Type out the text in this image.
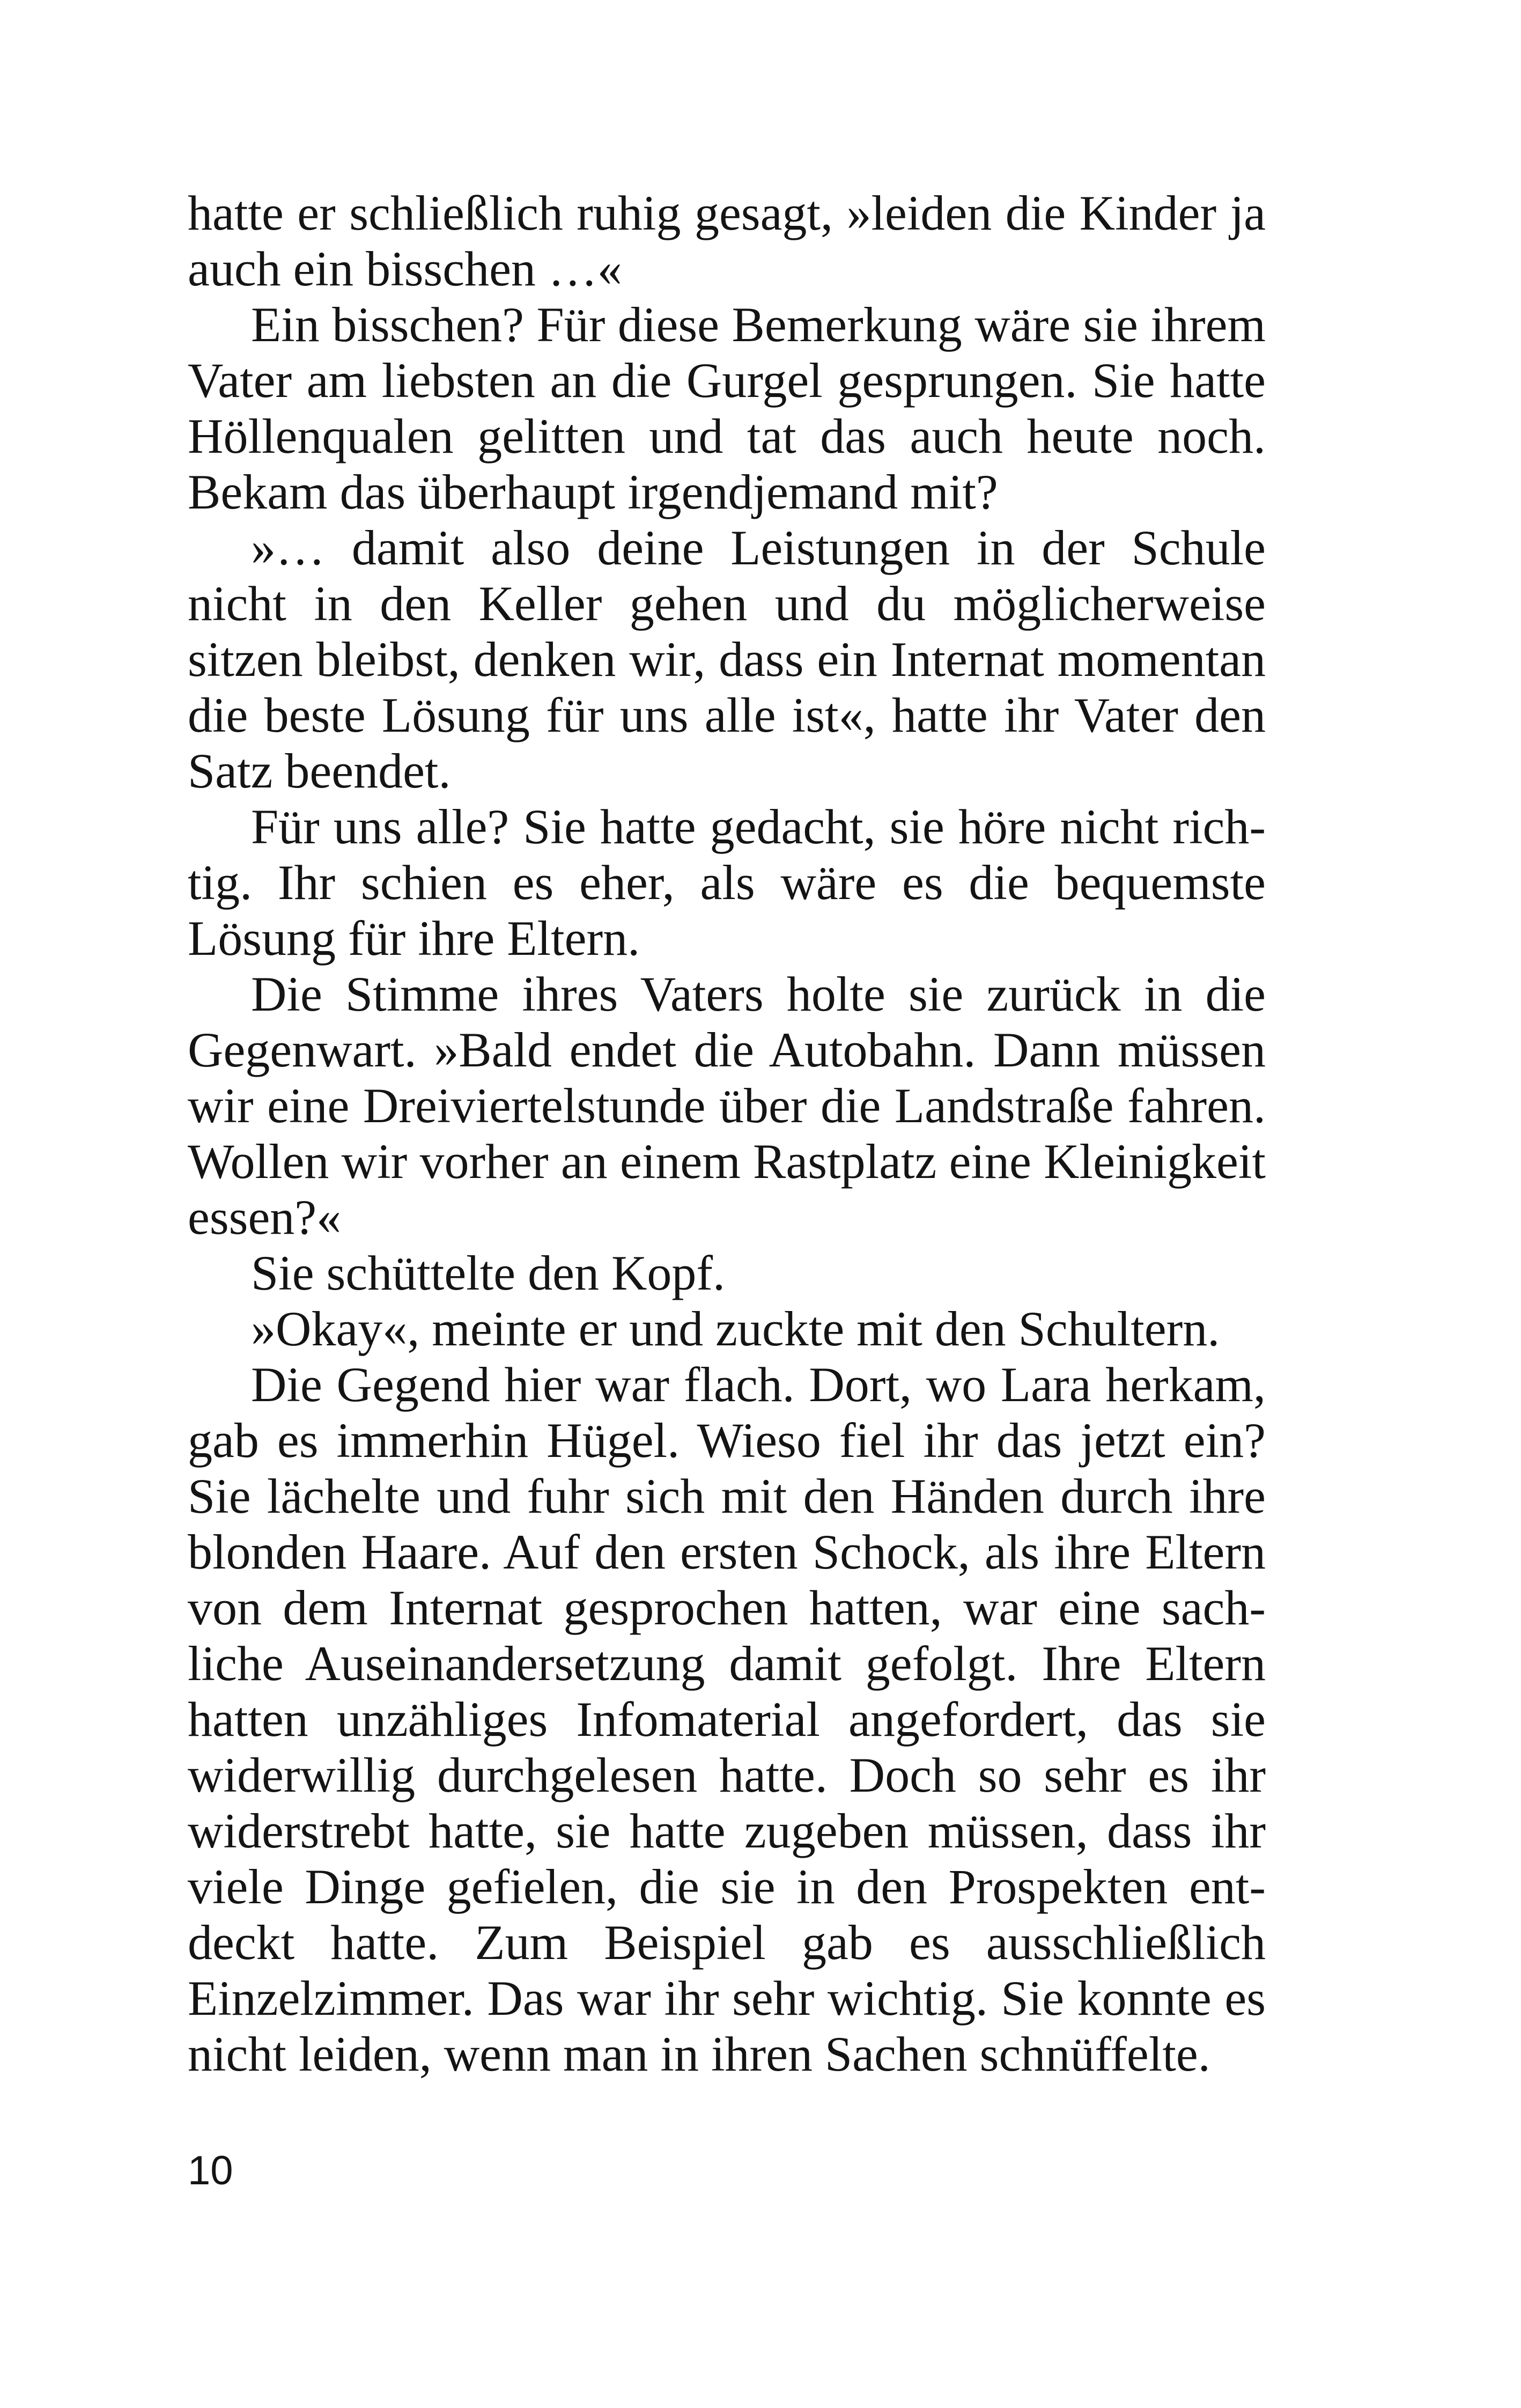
hatte er schließlich ruhig gesagt, »leiden die Kinder ja auch ein bisschen …«

Ein bisschen? Für diese Bemerkung wäre sie ihrem Vater am liebsten an die Gurgel gesprungen. Sie hatte Höllenqualen gelitten und tat das auch heute noch. Bekam das überhaupt irgendjemand mit?

»… damit also deine Leistungen in der Schule nicht in den Keller gehen und du möglicherweise sitzen bleibst, denken wir, dass ein Internat momentan die beste Lösung für uns alle ist«, hatte ihr Vater den Satz beendet.

Für uns alle? Sie hatte gedacht, sie höre nicht richtig. Ihr schien es eher, als wäre es die bequemste Lösung für ihre Eltern.

Die Stimme ihres Vaters holte sie zurück in die Gegenwart. »Bald endet die Autobahn. Dann müssen wir eine Dreiviertelstunde über die Landstraße fahren. Wollen wir vorher an einem Rastplatz eine Kleinigkeit essen?«

Sie schüttelte den Kopf.

»Okay«, meinte er und zuckte mit den Schultern.

Die Gegend hier war flach. Dort, wo Lara herkam, gab es immerhin Hügel. Wieso fiel ihr das jetzt ein? Sie lächelte und fuhr sich mit den Händen durch ihre blonden Haare. Auf den ersten Schock, als ihre Eltern von dem Internat gesprochen hatten, war eine sachliche Auseinandersetzung damit gefolgt. Ihre Eltern hatten unzähliges Infomaterial angefordert, das sie widerwillig durchgelesen hatte. Doch so sehr es ihr widerstrebt hatte, sie hatte zugeben müssen, dass ihr viele Dinge gefielen, die sie in den Prospekten entdeckt hatte. Zum Beispiel gab es ausschließlich Einzelzimmer. Das war ihr sehr wichtig. Sie konnte es nicht leiden, wenn man in ihren Sachen schnüffelte.

10
